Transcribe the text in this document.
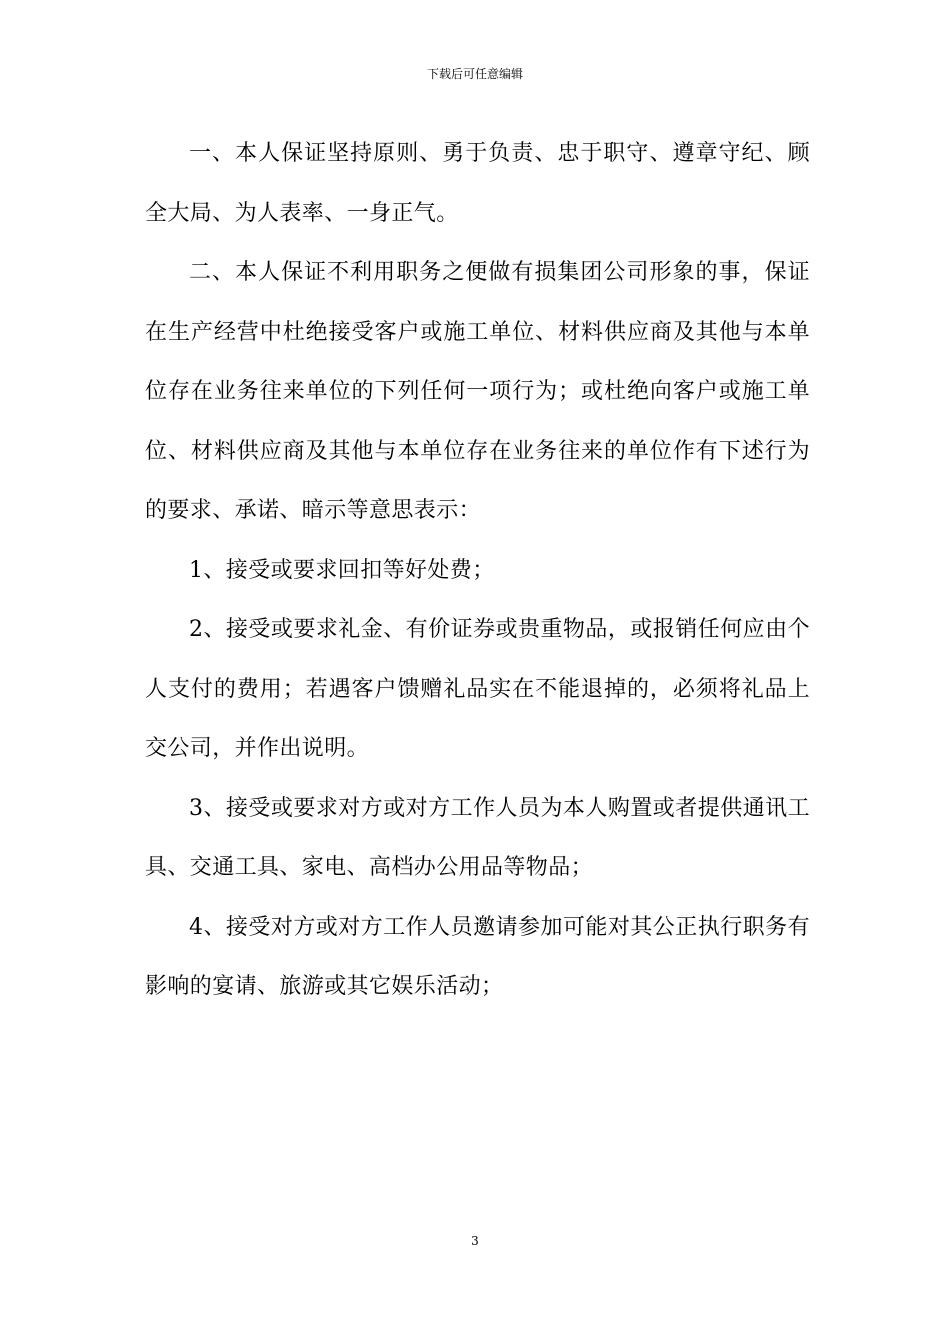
下载后可任意编辑

一、本人保证坚持原则、勇于负责、忠于职守、遵章守纪、顾全大局、为人表率、一身正气。

二、本人保证不利用职务之便做有损集团公司形象的事，保证在生产经营中杜绝接受客户或施工单位、材料供应商及其他与本单位存在业务往来单位的下列任何一项行为；或杜绝向客户或施工单位、材料供应商及其他与本单位存在业务往来的单位作有下述行为的要求、承诺、暗示等意思表示：

1、接受或要求回扣等好处费；

2、接受或要求礼金、有价证券或贵重物品，或报销任何应由个人支付的费用；若遇客户馈赠礼品实在不能退掉的，必须将礼品上交公司，并作出说明。

3、接受或要求对方或对方工作人员为本人购置或者提供通讯工具、交通工具、家电、高档办公用品等物品；

4、接受对方或对方工作人员邀请参加可能对其公正执行职务有影响的宴请、旅游或其它娱乐活动；

3
